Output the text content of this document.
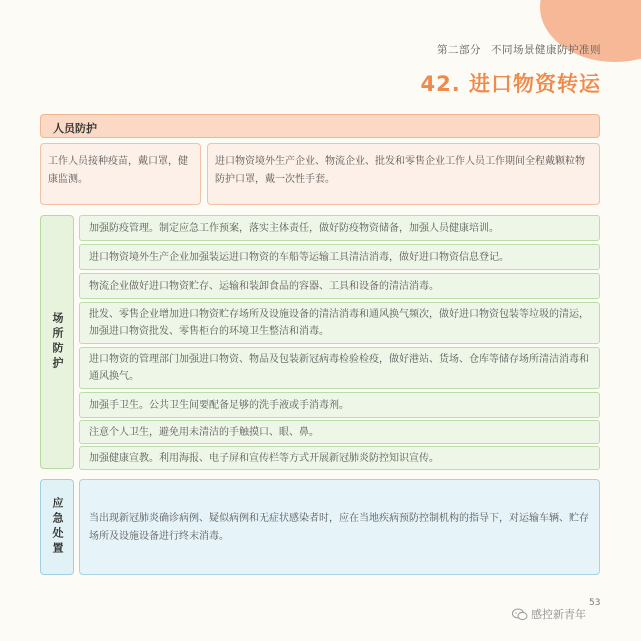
第二部分 不同场景健康防护准则
42. 进口物资转运
人员防护
工作人员接种疫苗，戴口罩，健康监测。
进口物资境外生产企业、物流企业、批发和零售企业工作人员工作期间全程戴颗粒物防护口罩，戴一次性手套。
场所防护
加强防疫管理。制定应急工作预案，落实主体责任，做好防疫物资储备，加强人员健康培训。
进口物资境外生产企业加强装运进口物资的车船等运输工具清洁消毒，做好进口物资信息登记。
物流企业做好进口物资贮存、运输和装卸食品的容器、工具和设备的清洁消毒。
批发、零售企业增加进口物资贮存场所及设施设备的清洁消毒和通风换气频次，做好进口物资包装等垃圾的清运，加强进口物资批发、零售柜台的环境卫生整洁和消毒。
进口物资的管理部门加强进口物资、物品及包装新冠病毒检验检疫，做好港站、货场、仓库等储存场所清洁消毒和通风换气。
加强手卫生。公共卫生间要配备足够的洗手液或手消毒剂。
注意个人卫生，避免用未清洁的手触摸口、眼、鼻。
加强健康宣教。利用海报、电子屏和宣传栏等方式开展新冠肺炎防控知识宣传。
应急处置	当出现新冠肺炎确诊病例、疑似病例和无症状感染者时，应在当地疾病预防控制机构的指导下，对运输车辆、贮存场所及设施设备进行终末消毒。
53
感控新青年
